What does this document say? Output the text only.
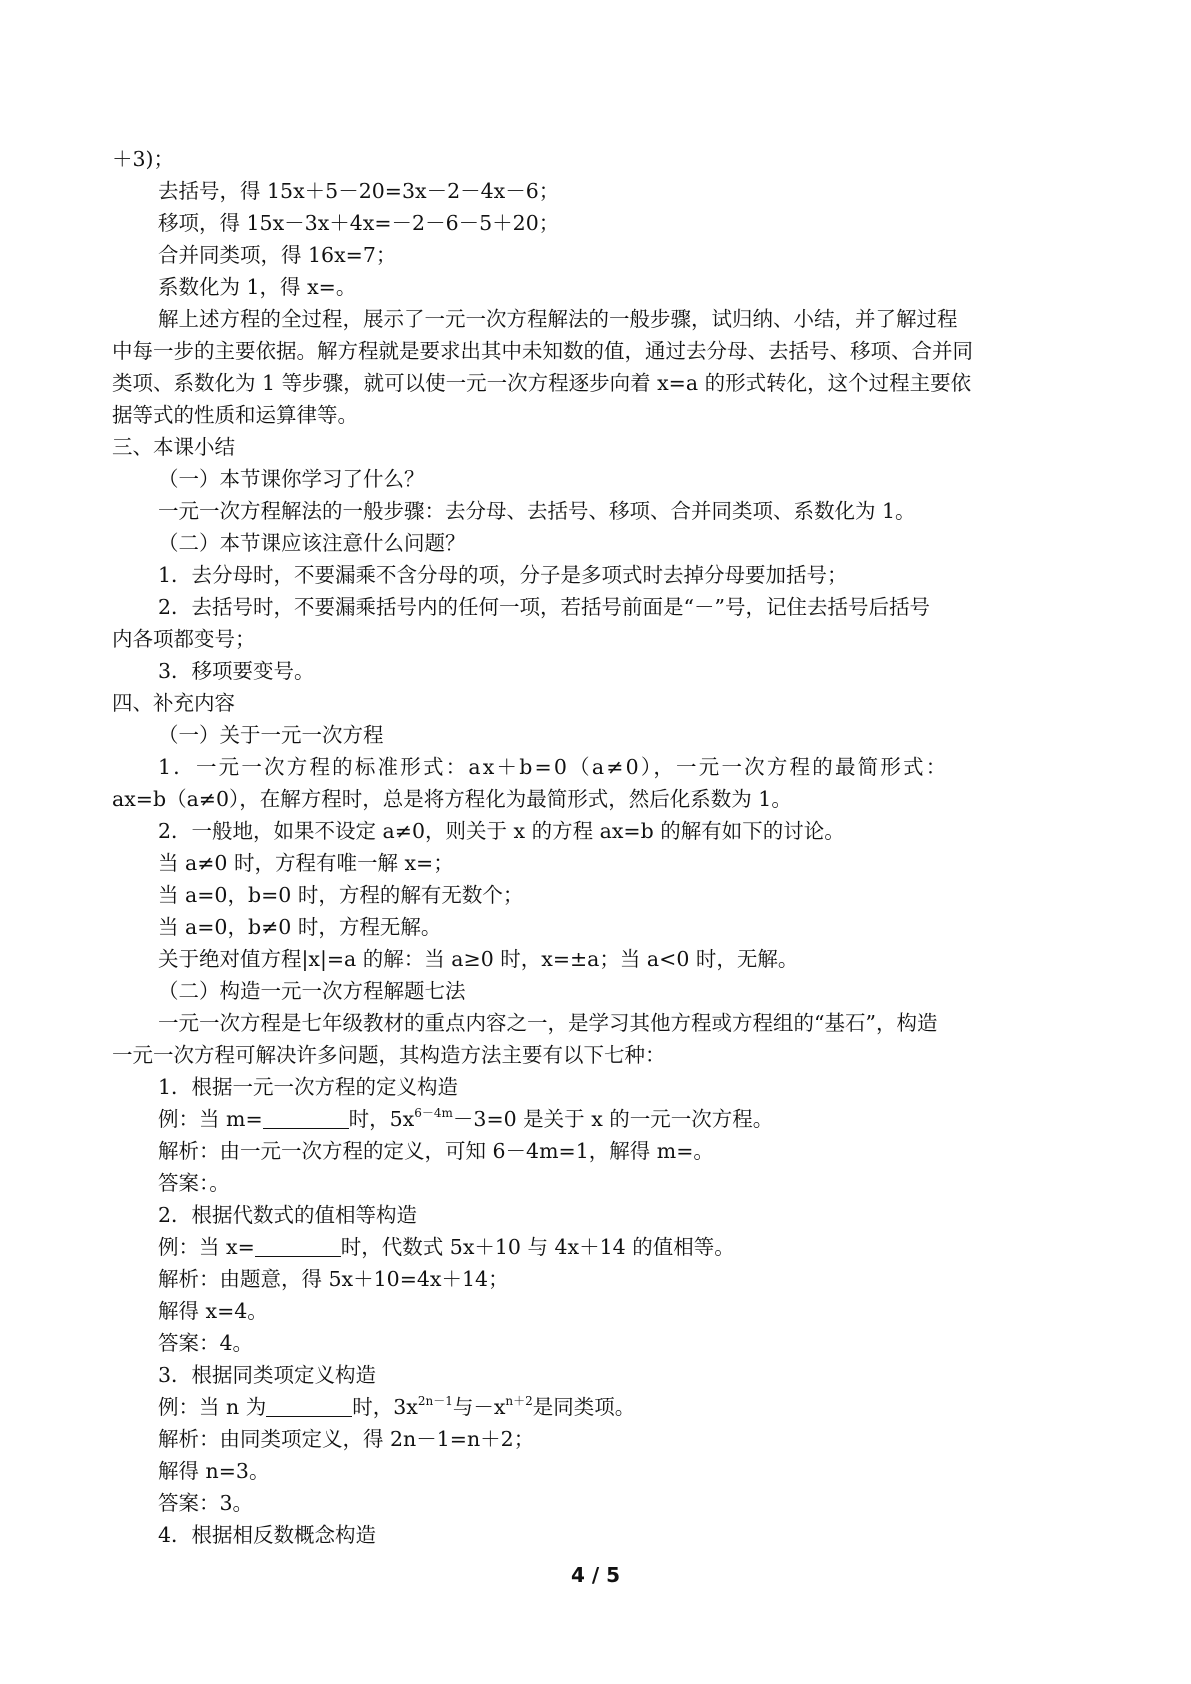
＋3)；
去括号，得 15x＋5－20=3x－2－4x－6；
移项，得 15x－3x＋4x=－2－6－5＋20；
合并同类项，得 16x=7；
系数化为 1，得 x=。
解上述方程的全过程，展示了一元一次方程解法的一般步骤，试归纳、小结，并了解过程
中每一步的主要依据。解方程就是要求出其中未知数的值，通过去分母、去括号、移项、合并同
类项、系数化为 1 等步骤，就可以使一元一次方程逐步向着 x=a 的形式转化，这个过程主要依
据等式的性质和运算律等。
三、本课小结
（一）本节课你学习了什么？
一元一次方程解法的一般步骤：去分母、去括号、移项、合并同类项、系数化为 1。
（二）本节课应该注意什么问题？
1．去分母时，不要漏乘不含分母的项，分子是多项式时去掉分母要加括号；
2．去括号时，不要漏乘括号内的任何一项，若括号前面是“－”号，记住去括号后括号
内各项都变号；
3．移项要变号。
四、补充内容
（一）关于一元一次方程
1．一元一次方程的标准形式：ax＋b=0（a≠0），一元一次方程的最简形式：
ax=b（a≠0），在解方程时，总是将方程化为最简形式，然后化系数为 1。
2．一般地，如果不设定 a≠0，则关于 x 的方程 ax=b 的解有如下的讨论。
当 a≠0 时，方程有唯一解 x=；
当 a=0，b=0 时，方程的解有无数个；
当 a=0，b≠0 时，方程无解。
关于绝对值方程|x|=a 的解：当 a≥0 时，x=±a；当 a<0 时，无解。
（二）构造一元一次方程解题七法
一元一次方程是七年级教材的重点内容之一，是学习其他方程或方程组的“基石”，构造
一元一次方程可解决许多问题，其构造方法主要有以下七种：
1．根据一元一次方程的定义构造
例：当 m=	时，$5x^{6-4m}-3=0$ 是关于 x 的一元一次方程。
解析：由一元一次方程的定义，可知 6－4m=1，解得 m=。
答案：。
2．根据代数式的值相等构造
例：当 x=	时，代数式 5x＋10 与 4x＋14 的值相等。
解析：由题意，得 5x＋10=4x＋14；
解得 x=4。
答案：4。
3．根据同类项定义构造
例：当 n 为	时，$3x^{2n-1}$与$-x^{n+2}$是同类项。
解析：由同类项定义，得 2n－1=n＋2；
解得 n=3。
答案：3。
4．根据相反数概念构造
4 / 5
